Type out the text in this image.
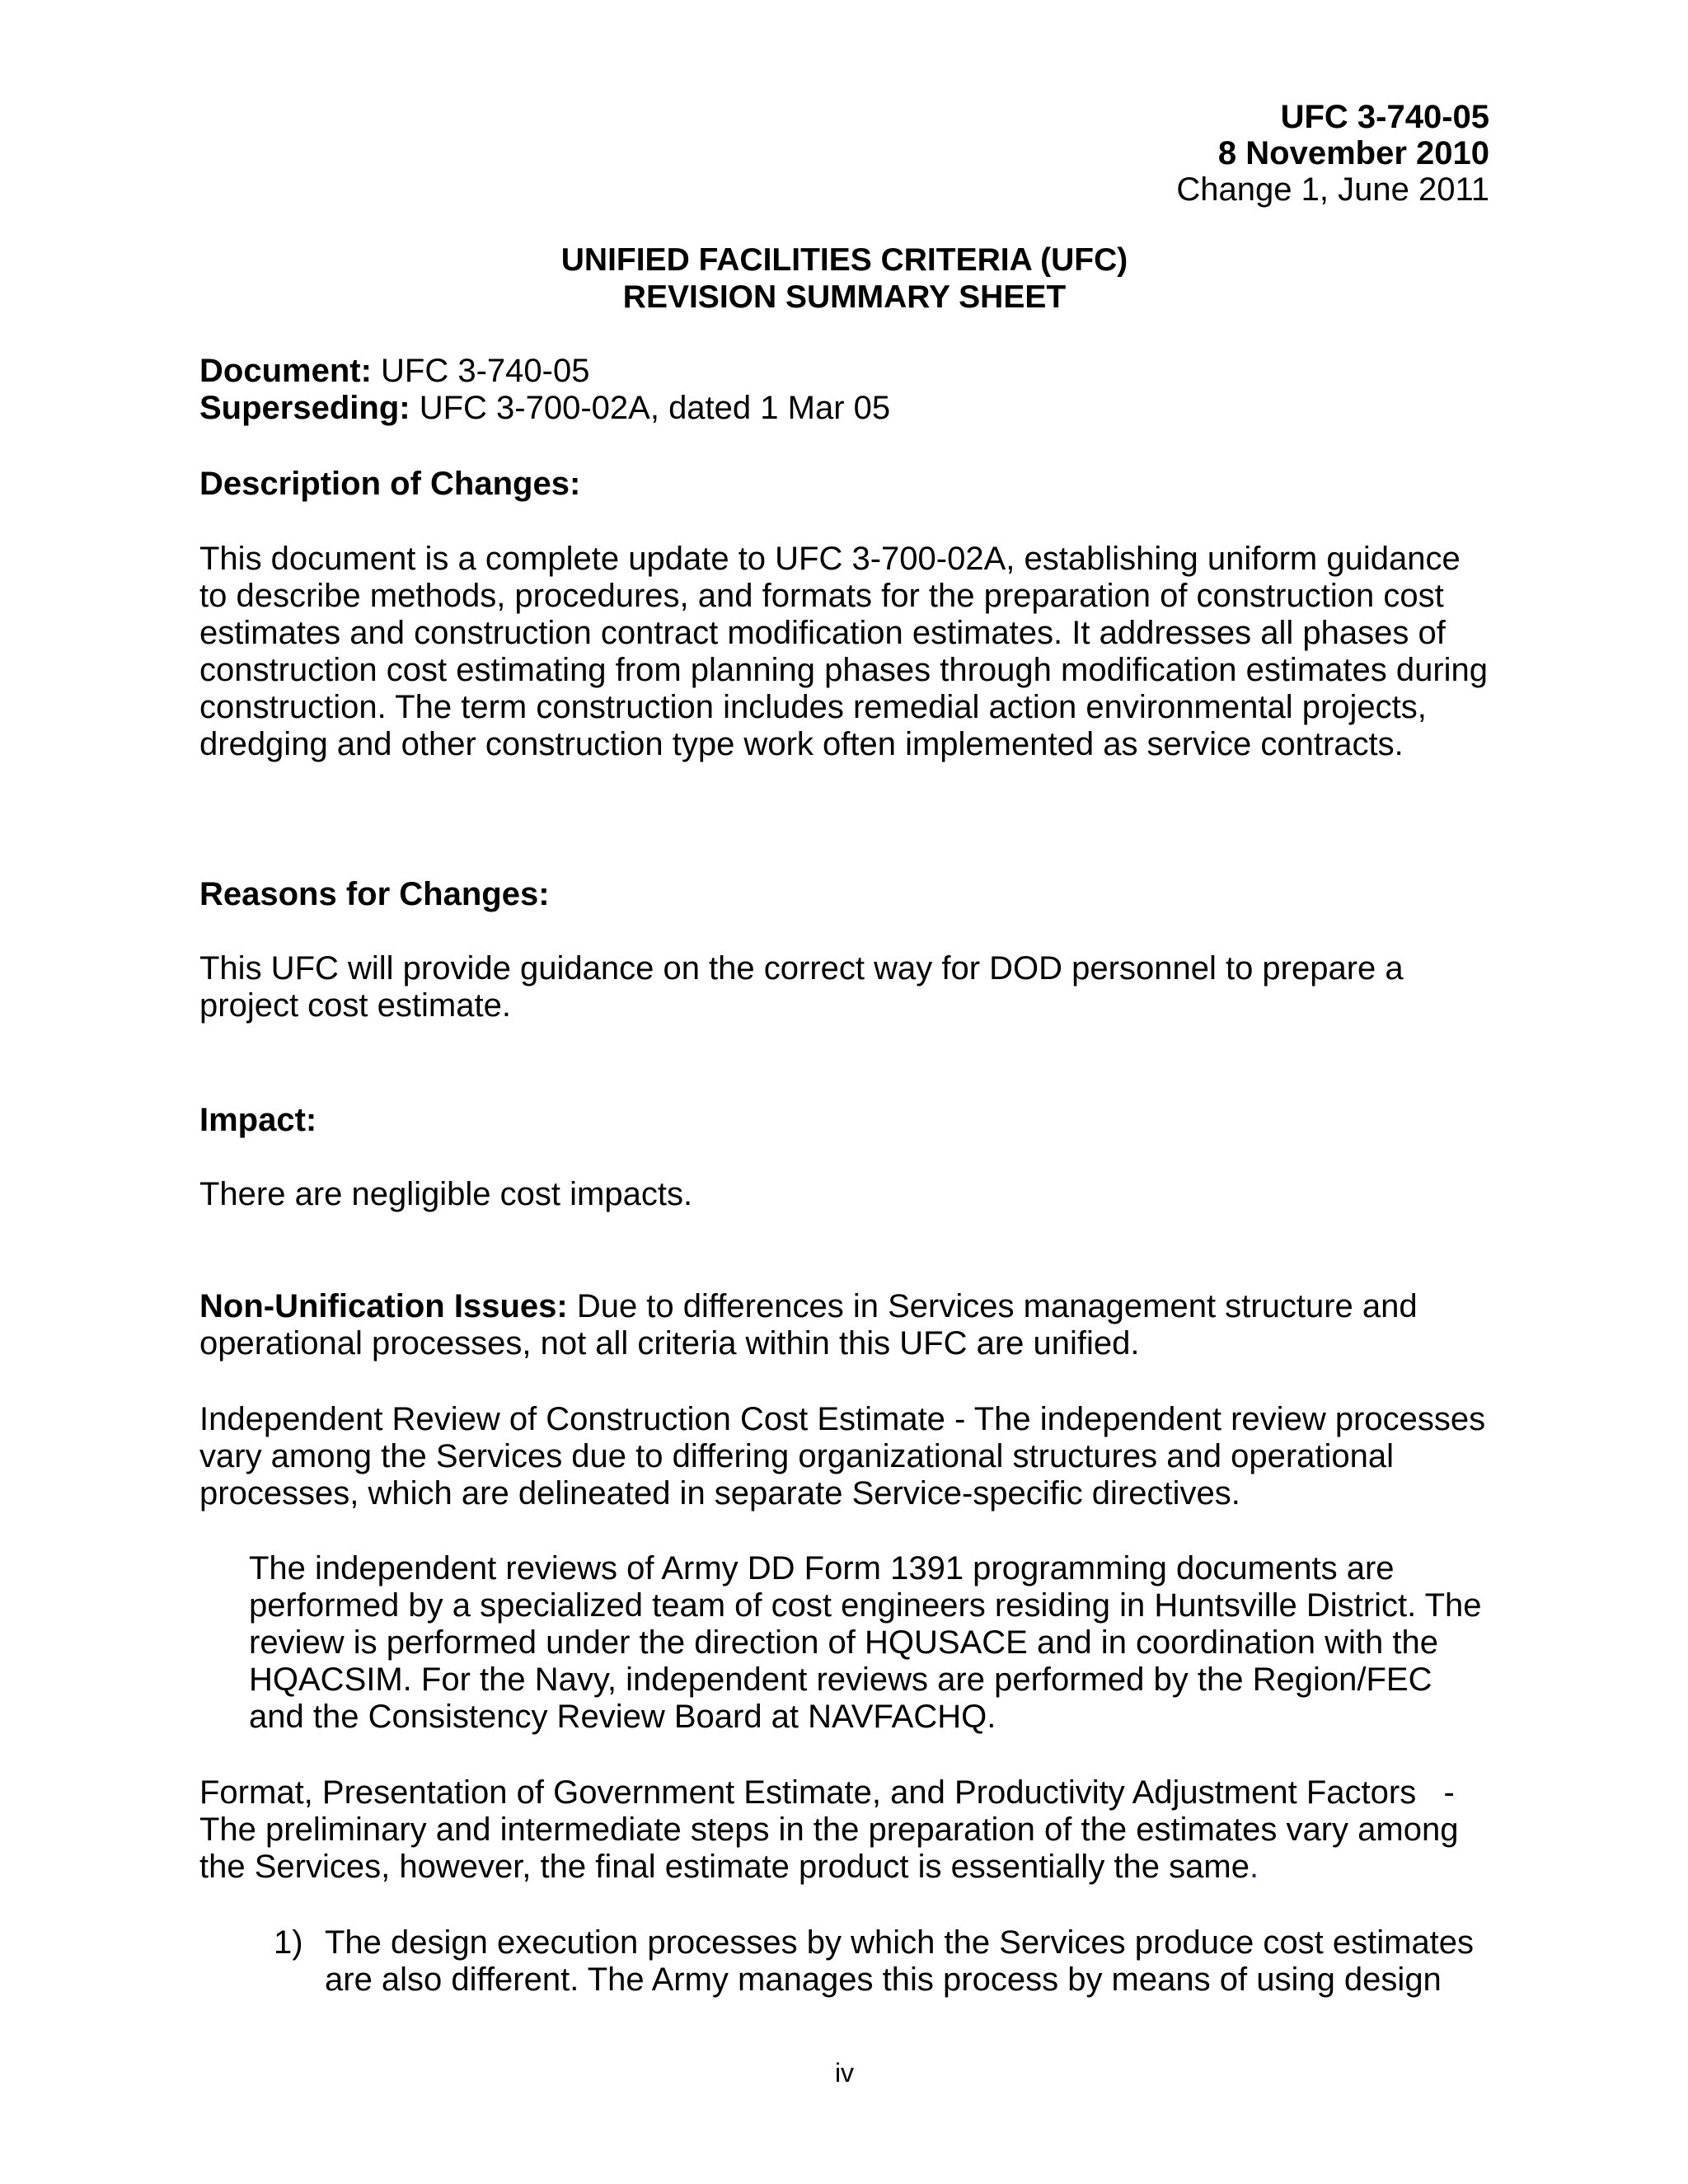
UFC 3-740-05
8 November 2010
Change 1, June 2011
UNIFIED FACILITIES CRITERIA (UFC)
REVISION SUMMARY SHEET
Document: UFC 3-740-05
Superseding: UFC 3-700-02A, dated 1 Mar 05
Description of Changes:
This document is a complete update to UFC 3-700-02A, establishing uniform guidance to describe methods, procedures, and formats for the preparation of construction cost estimates and construction contract modification estimates. It addresses all phases of construction cost estimating from planning phases through modification estimates during construction. The term construction includes remedial action environmental projects, dredging and other construction type work often implemented as service contracts.
Reasons for Changes:
This UFC will provide guidance on the correct way for DOD personnel to prepare a project cost estimate.
Impact:
There are negligible cost impacts.
Non-Unification Issues: Due to differences in Services management structure and operational processes, not all criteria within this UFC are unified.
Independent Review of Construction Cost Estimate - The independent review processes vary among the Services due to differing organizational structures and operational processes, which are delineated in separate Service-specific directives.
The independent reviews of Army DD Form 1391 programming documents are performed by a specialized team of cost engineers residing in Huntsville District. The review is performed under the direction of HQUSACE and in coordination with the HQACSIM. For the Navy, independent reviews are performed by the Region/FEC and the Consistency Review Board at NAVFACHQ.
Format, Presentation of Government Estimate, and Productivity Adjustment Factors   -
The preliminary and intermediate steps in the preparation of the estimates vary among the Services, however, the final estimate product is essentially the same.
1) The design execution processes by which the Services produce cost estimates are also different. The Army manages this process by means of using design
iv
